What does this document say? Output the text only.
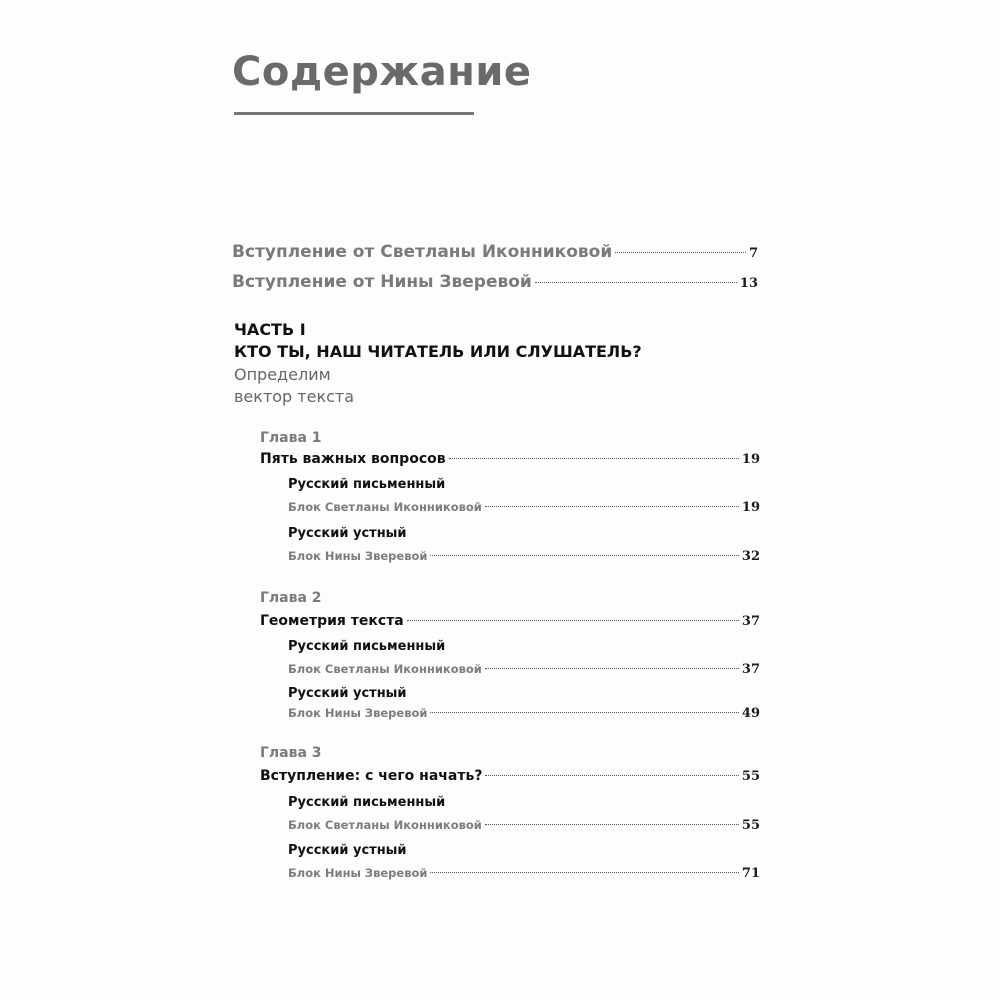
Содержание
Вступление от Светланы Иконниковой	7
Вступление от Нины Зверевой	13
ЧАСТЬ I
КТО ТЫ, НАШ ЧИТАТЕЛЬ ИЛИ СЛУШАТЕЛЬ?
Определим
вектор текста
Глава 1
Пять важных вопросов	19
Русский письменный
Блок Светланы Иконниковой	19
Русский устный
Блок Нины Зверевой	32
Глава 2
Геометрия текста	37
Русский письменный
Блок Светланы Иконниковой	37
Русский устный
Блок Нины Зверевой	49
Глава 3
Вступление: с чего начать?	55
Русский письменный
Блок Светланы Иконниковой	55
Русский устный
Блок Нины Зверевой	71
